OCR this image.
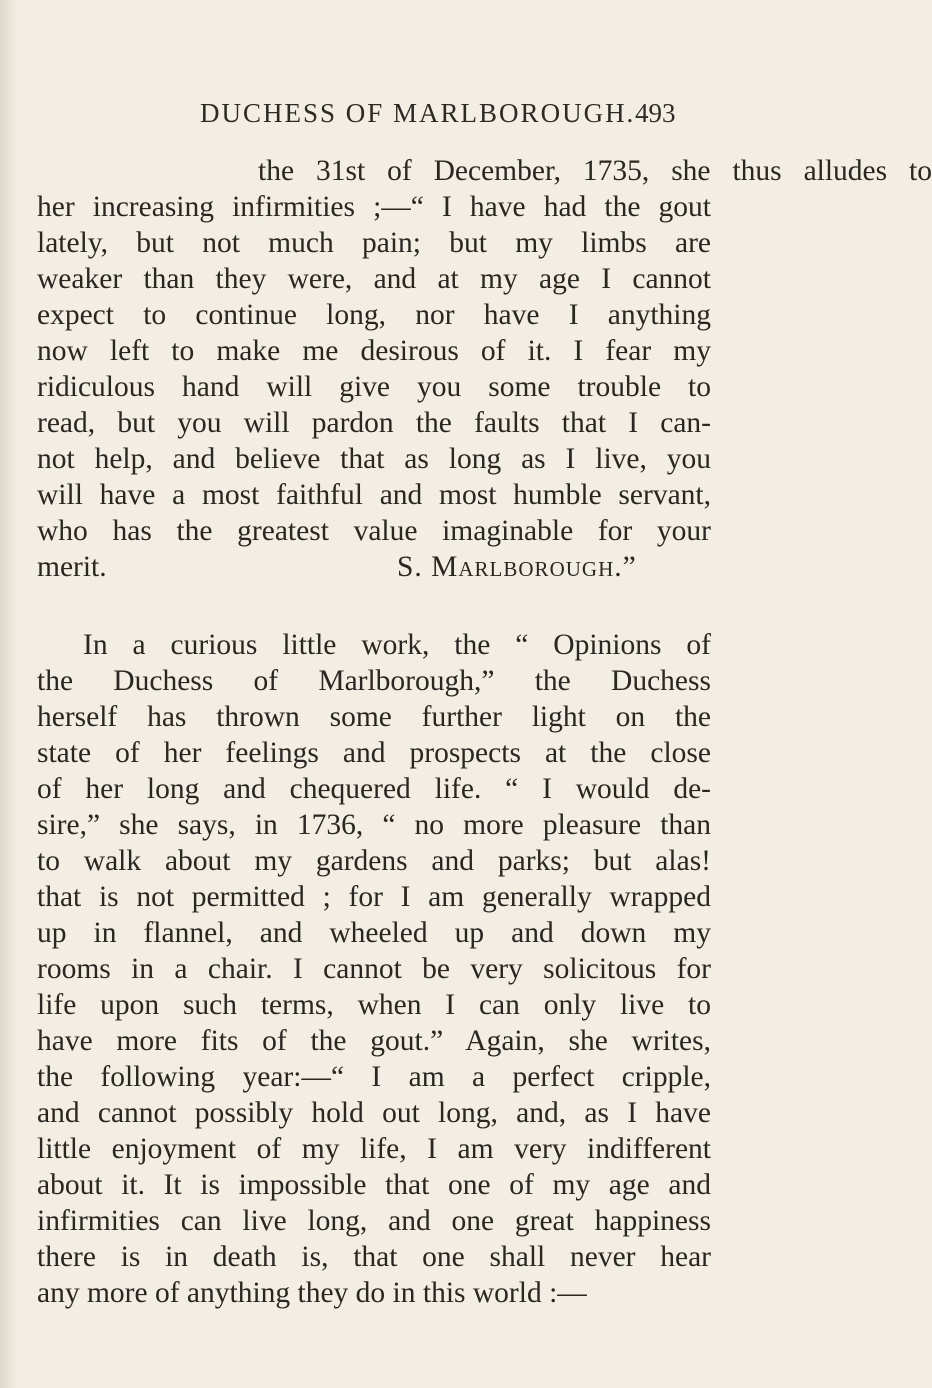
DUCHESS OF MARLBOROUGH. 493
the 31st of December, 1735, she thus alludes to
her increasing infirmities ;—“ I have had the gout
lately, but not much pain; but my limbs are
weaker than they were, and at my age I cannot
expect to continue long, nor have I anything
now left to make me desirous of it. I fear my
ridiculous hand will give you some trouble to
read, but you will pardon the faults that I can-
not help, and believe that as long as I live, you
will have a most faithful and most humble servant,
who has the greatest value imaginable for your
merit.	S. Marlborough.”
In a curious little work, the “ Opinions of
the Duchess of Marlborough,” the Duchess
herself has thrown some further light on the
state of her feelings and prospects at the close
of her long and chequered life. “ I would de-
sire,” she says, in 1736, “ no more pleasure than
to walk about my gardens and parks; but alas!
that is not permitted ; for I am generally wrapped
up in flannel, and wheeled up and down my
rooms in a chair. I cannot be very solicitous for
life upon such terms, when I can only live to
have more fits of the gout.” Again, she writes,
the following year:—“ I am a perfect cripple,
and cannot possibly hold out long, and, as I have
little enjoyment of my life, I am very indifferent
about it. It is impossible that one of my age and
infirmities can live long, and one great happiness
there is in death is, that one shall never hear
any more of anything they do in this world :—
